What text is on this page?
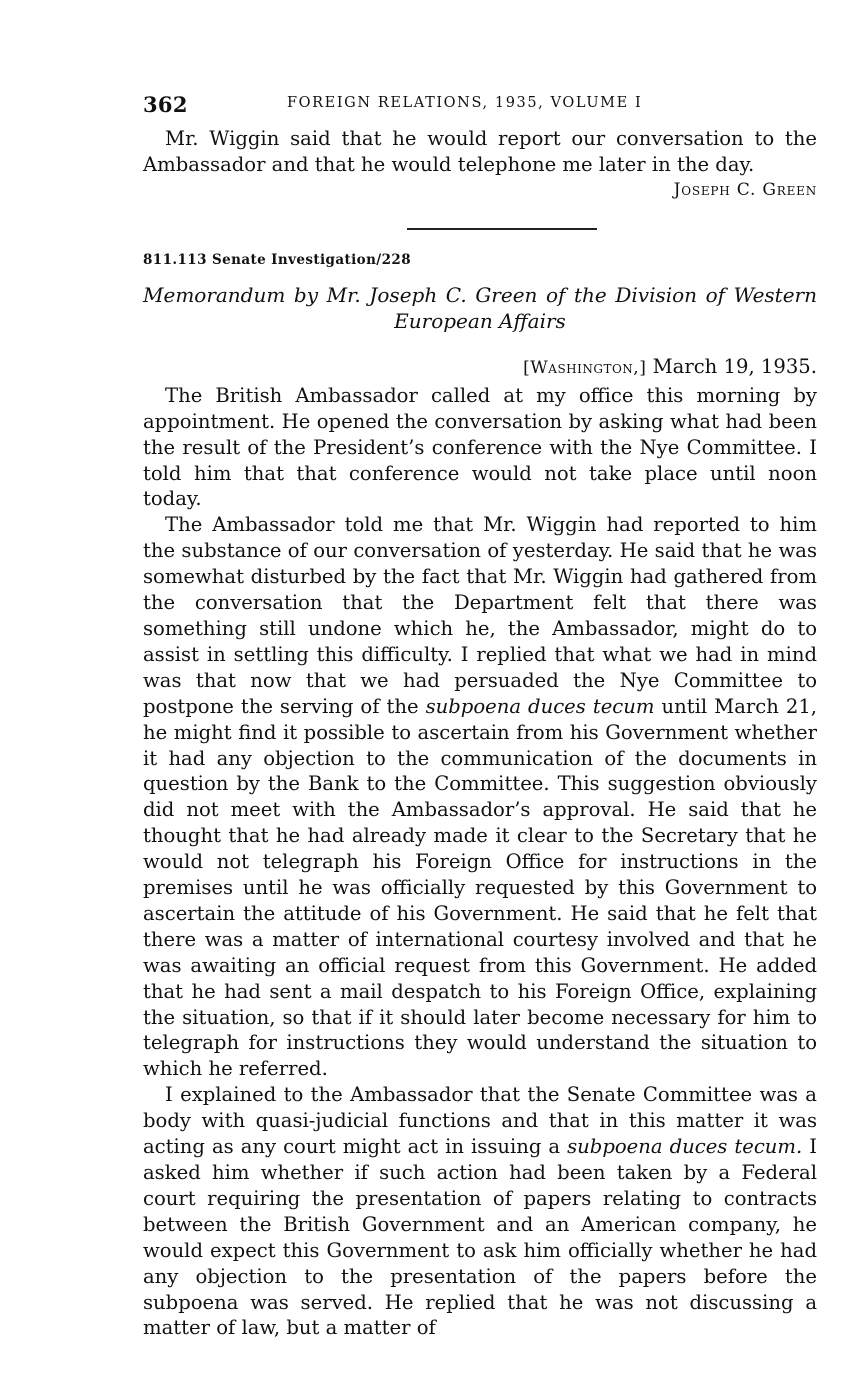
362	FOREIGN RELATIONS, 1935, VOLUME I

Mr. Wiggin said that he would report our conversation to the Ambassador and that he would telephone me later in the day.

Joseph C. Green

811.113 Senate Investigation/228

Memorandum by Mr. Joseph C. Green of the Division of Western European Affairs

[Washington,] March 19, 1935.

The British Ambassador called at my office this morning by appointment. He opened the conversation by asking what had been the result of the President’s conference with the Nye Committee. I told him that that conference would not take place until noon today.

The Ambassador told me that Mr. Wiggin had reported to him the substance of our conversation of yesterday. He said that he was somewhat disturbed by the fact that Mr. Wiggin had gathered from the conversation that the Department felt that there was something still undone which he, the Ambassador, might do to assist in settling this difficulty. I replied that what we had in mind was that now that we had persuaded the Nye Committee to postpone the serving of the subpoena duces tecum until March 21, he might find it possible to ascertain from his Government whether it had any objection to the communication of the documents in question by the Bank to the Committee. This suggestion obviously did not meet with the Ambassador’s approval. He said that he thought that he had already made it clear to the Secretary that he would not telegraph his Foreign Office for instructions in the premises until he was officially requested by this Government to ascertain the attitude of his Government. He said that he felt that there was a matter of international courtesy involved and that he was awaiting an official request from this Government. He added that he had sent a mail despatch to his Foreign Office, explaining the situation, so that if it should later become necessary for him to telegraph for instructions they would understand the situation to which he referred.

I explained to the Ambassador that the Senate Committee was a body with quasi-judicial functions and that in this matter it was acting as any court might act in issuing a subpoena duces tecum. I asked him whether if such action had been taken by a Federal court requiring the presentation of papers relating to contracts between the British Government and an American company, he would expect this Government to ask him officially whether he had any objection to the presentation of the papers before the subpoena was served. He replied that he was not discussing a matter of law, but a matter of
